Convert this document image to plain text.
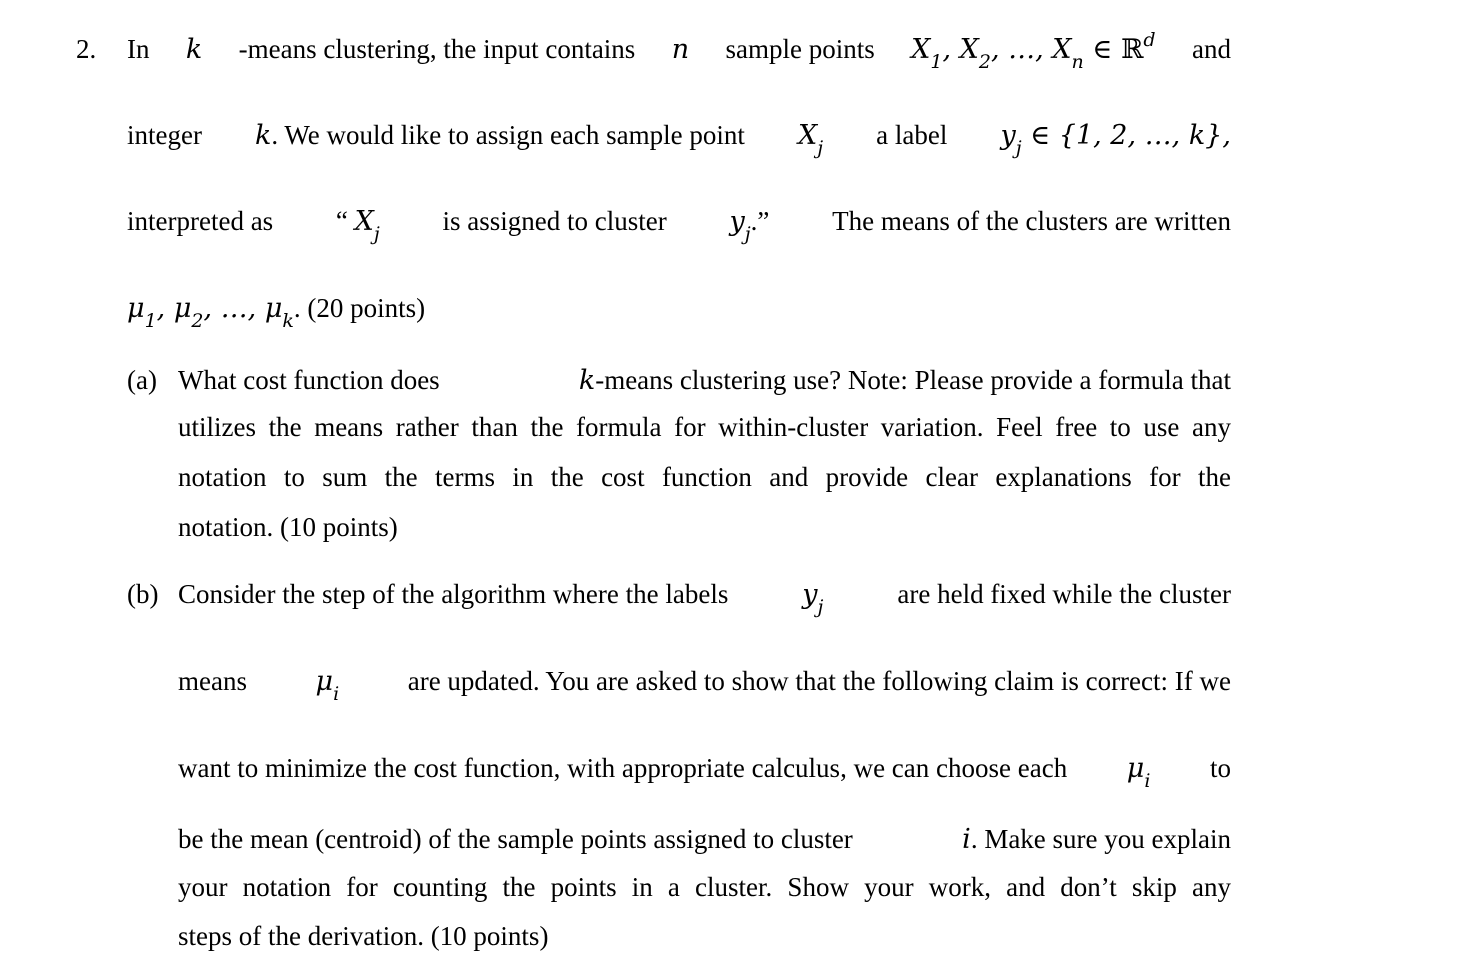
2. In k -means clustering, the input contains n sample points $X_1$, $X_2$, …, $X_n$ ∈ ℝ$^d$ and
integer k. We would like to assign each sample point $X_j$ a label $y_j$ ∈ {1, 2, …, k},
interpreted as “ $X_j$ is assigned to cluster $y_j$.” The means of the clusters are written
$\mu_1$, $\mu_2$, …, $\mu_k$. (20 points)
(a) What cost function does	k-means clustering use? Note: Please provide a formula that
utilizes the means rather than the formula for within-cluster variation. Feel free to use any
notation to sum the terms in the cost function and provide clear explanations for the
notation. (10 points)
(b) Consider the step of the algorithm where the labels	$y_j$	are held fixed while the cluster
means	$\mu_i$	are updated. You are asked to show that the following claim is correct: If we
want to minimize the cost function, with appropriate calculus, we can choose each $\mu_i$ to
be the mean (centroid) of the sample points assigned to cluster	i. Make sure you explain
your notation for counting the points in a cluster. Show your work, and don’t skip any
steps of the derivation. (10 points)
